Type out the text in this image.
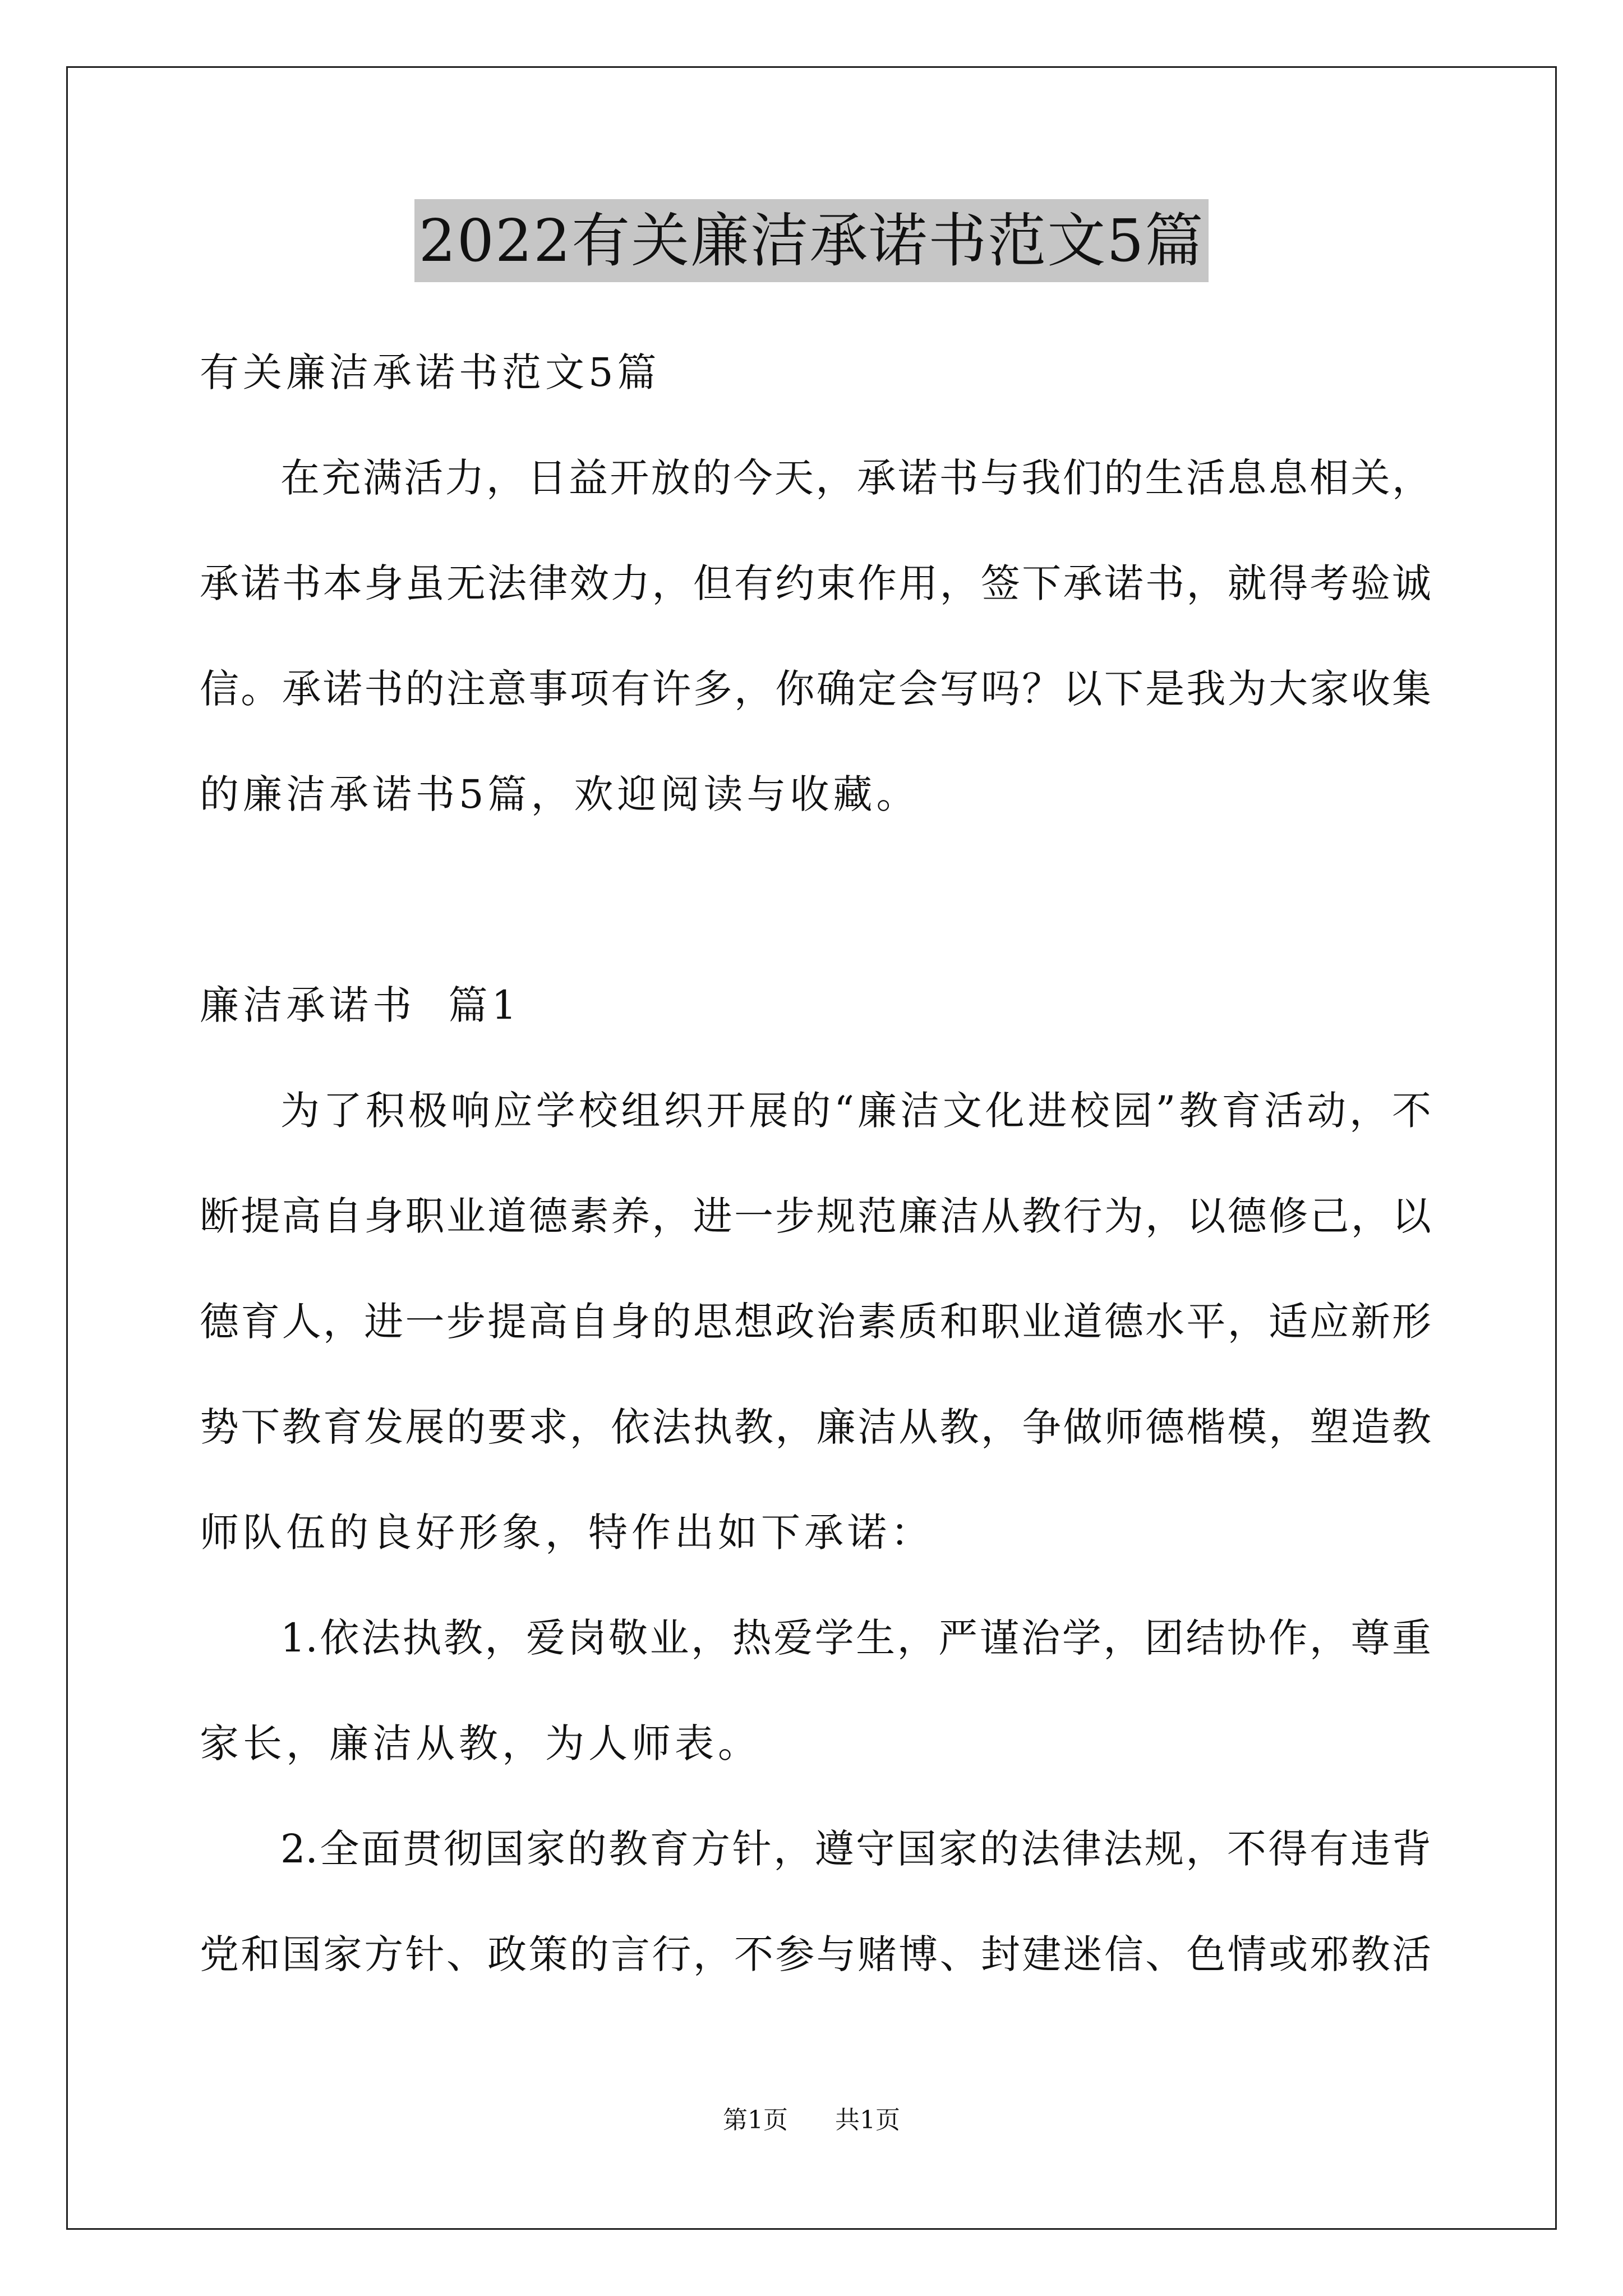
2022有关廉洁承诺书范文5篇

有关廉洁承诺书范文5篇

在充满活力，日益开放的今天，承诺书与我们的生活息息相关，

承诺书本身虽无法律效力，但有约束作用，签下承诺书，就得考验诚

信。承诺书的注意事项有许多，你确定会写吗？以下是我为大家收集

的廉洁承诺书5篇，欢迎阅读与收藏。

廉洁承诺书  篇1

为了积极响应学校组织开展的“廉洁文化进校园”教育活动，不

断提高自身职业道德素养，进一步规范廉洁从教行为，以德修己，以

德育人，进一步提高自身的思想政治素质和职业道德水平，适应新形

势下教育发展的要求，依法执教，廉洁从教，争做师德楷模，塑造教

师队伍的良好形象，特作出如下承诺：

1.依法执教，爱岗敬业，热爱学生，严谨治学，团结协作，尊重

家长，廉洁从教，为人师表。

2.全面贯彻国家的教育方针，遵守国家的法律法规，不得有违背

党和国家方针、政策的言行，不参与赌博、封建迷信、色情或邪教活

第1页  共1页
